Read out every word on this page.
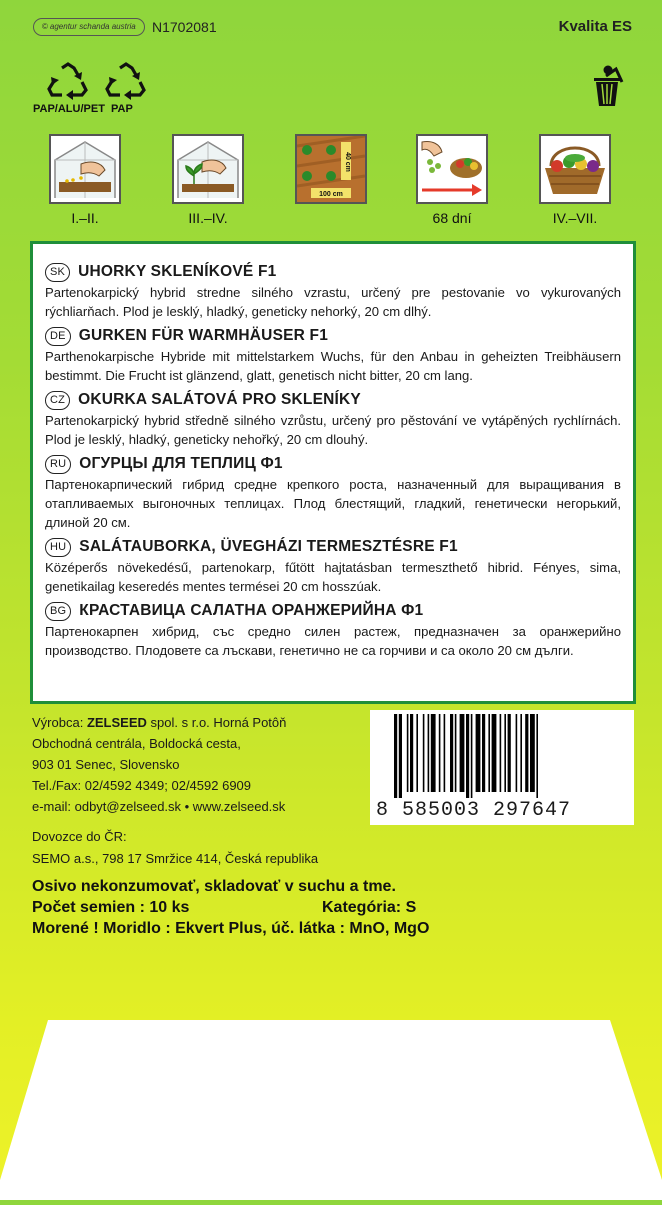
© agentur schanda austria	N1702081	Kvalita ES
PAP/ALU/PET PAP
I.–II.	III.–IV.
40 cm
100 cm
68 dní	IV.–VII.
SK UHORKY SKLENÍKOVÉ F1

Partenokarpický hybrid stredne silného vzrastu, určený pre pestovanie vo vykurovaných rýchliarňach. Plod je lesklý, hladký, geneticky nehorký, 20 cm dlhý.

DE GURKEN FÜR WARMHÄUSER F1

Parthenokarpische Hybride mit mittelstarkem Wuchs, für den Anbau in geheizten Treibhäusern bestimmt. Die Frucht ist glänzend, glatt, genetisch nicht bitter, 20 cm lang.

CZ OKURKA SALÁTOVÁ PRO SKLENÍKY

Partenokarpický hybrid středně silného vzrůstu, určený pro pěstování ve vytápěných rychlírnách. Plod je lesklý, hladký, geneticky nehořký, 20 cm dlouhý.

RU ОГУРЦЫ ДЛЯ ТЕПЛИЦ Ф1

Партенокарпический гибрид средне крепкого роста, назначенный для выращивания в отапливаемых выгоночных теплицах. Плод блестящий, гладкий, генетически негорький, длиной 20 см.

HU SALÁTAUBORKA, ÜVEGHÁZI TERMESZTÉSRE F1

Középerős növekedésű, partenokarp, fűtött hajtatásban termeszthető hibrid. Fényes, sima, genetikailag keseredés mentes termései 20 cm hosszúak.

BG КРАСТАВИЦА САЛАТНА ОРАНЖЕРИЙНА Ф1

Партенокарпен хибрид, със средно силен растеж, предназначен за оранжерийно производство. Плодовете са лъскави, генетично не са горчиви и са около 20 см дълги.

Výrobca: ZELSEED spol. s r.o. Horná Potôň
Obchodná centrála, Boldocká cesta,
903 01 Senec, Slovensko
Tel./Fax: 02/4592 4349; 02/4592 6909
e-mail: odbyt@zelseed.sk • www.zelseed.sk
Dovozce do ČR:
SEMO a.s., 798 17 Smržice 414, Česká republika
8 585003 297647
Osivo nekonzumovať, skladovať v suchu a tme.
Počet semien : 10 ks	Kategória: S
Morené ! Moridlo : Ekvert Plus, úč. látka : MnO, MgO
